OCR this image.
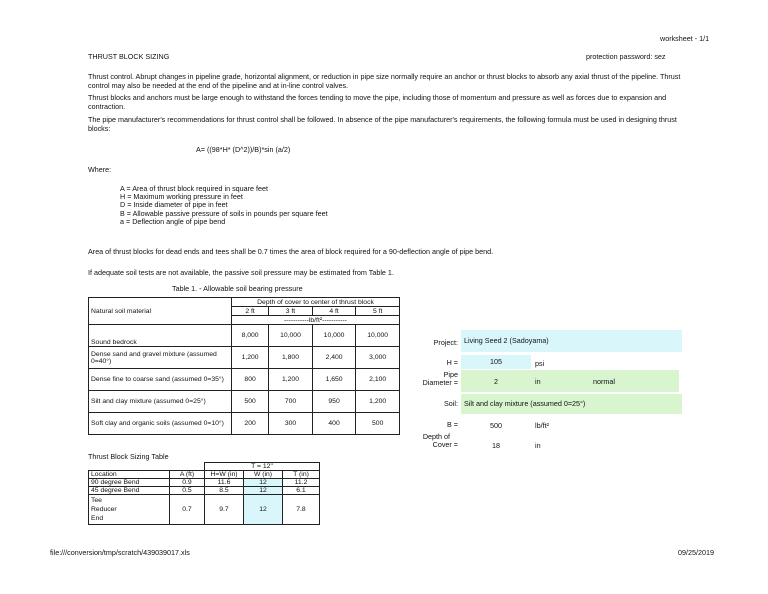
worksheet - 1/1
THRUST BLOCK SIZING	protection password: sez
Thrust control. Abrupt changes in pipeline grade, horizontal alignment, or reduction in pipe size normally require an anchor or thrust blocks to absorb any axial thrust of the pipeline. Thrust control may also be needed at the end of the pipeline and at in-line control valves.
Thrust blocks and anchors must be large enough to withstand the forces tending to move the pipe, including those of momentum and pressure as well as forces due to expansion and contraction.
The pipe manufacturer's recommendations for thrust control shall be followed. In absence of the pipe manufacturer's requirements, the following formula must be used in designing thrust blocks:
A= ((98*H* (D^2))/B)*sin (a/2)
Where:
A = Area of thrust block required in square feet
H = Maximum working pressure in feet
D = Inside diameter of pipe in feet
B = Allowable passive pressure of soils in pounds per square feet
a = Deflection angle of pipe bend
Area of thrust blocks for dead ends and tees shall be 0.7 times the area of block required for a 90-deflection angle of pipe bend.
If adequate soil tests are not available, the passive soil pressure may be estimated from Table 1.
Table 1. - Allowable soil bearing pressure
Natural soil material	Depth of cover to center of thrust block			
	2 ft	3 ft	4 ft	5 ft
	-----------lb/ft²-----------			
Sound bedrock	8,000	10,000	10,000	10,000
Dense sand and gravel mixture (assumed 0=40°)	1,200	1,800	2,400	3,000
Dense fine to coarse sand (assumed 0=35°)	800	1,200	1,650	2,100
Silt and clay mixture (assumed 0=25°)	500	700	950	1,200
Soft clay and organic soils (assumed 0=10°)	200	300	400	500
Project: Living Seed 2 (Sadoyama)
H =	105	psi
Pipe
Diameter =	2	in	normal
Soil: Silt and clay mixture (assumed 0=25°)
B =	500	lb/ft²
Depth of
Cover =	18	in
Thrust Block Sizing Table
		T = 12"		
Location	A (ft)	H=W (in)	W (in)	T (in)
90 degree Bend	0.9	11.6	12	11.2
45 degree Bend	0.5	8.5	12	6.1
Tee
Reducer
End	0.7	9.7	12	7.8
file:///conversion/tmp/scratch/439039017.xls	09/25/2019
